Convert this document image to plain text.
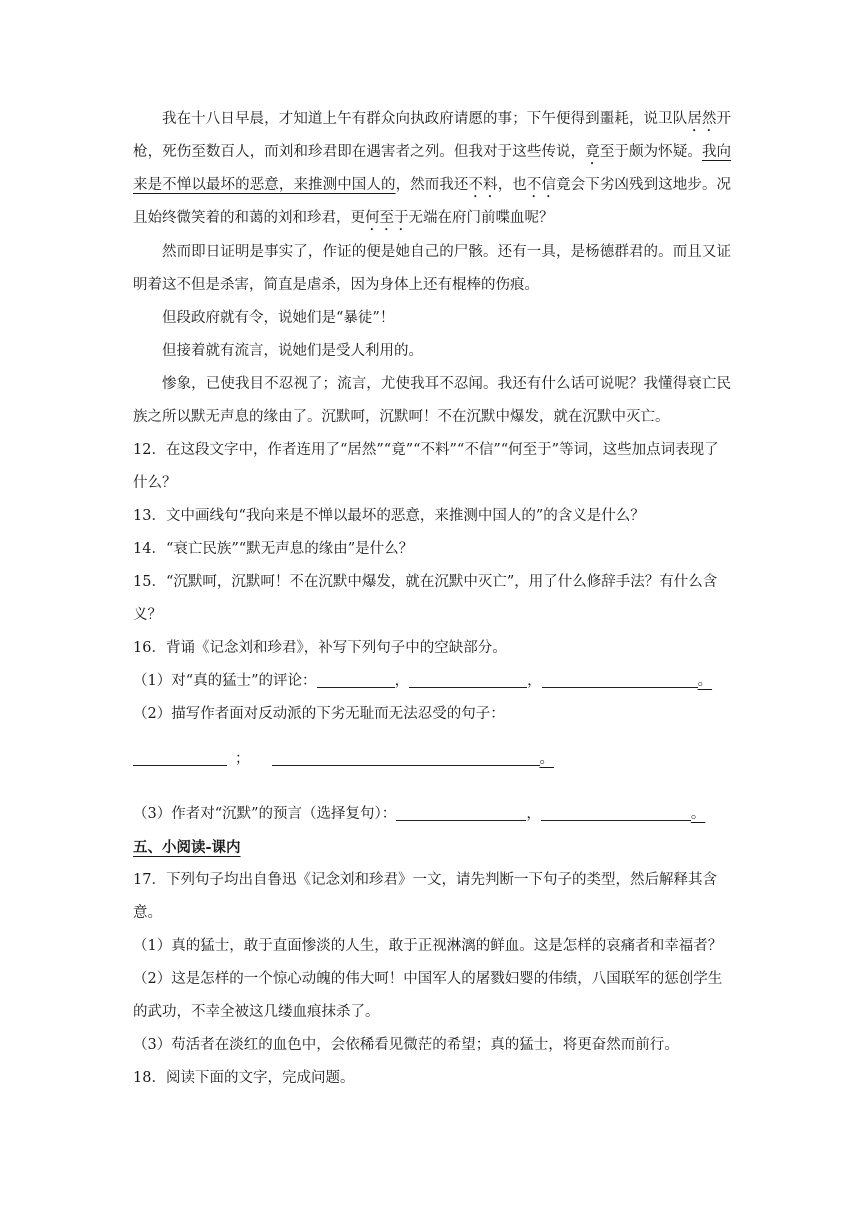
我在十八日早晨，才知道上午有群众向执政府请愿的事；下午便得到噩耗，说卫队居然开枪，死伤至数百人，而刘和珍君即在遇害者之列。但我对于这些传说，竟至于颇为怀疑。我向来是不惮以最坏的恶意，来推测中国人的，然而我还不料，也不信竟会下劣凶残到这地步。况且始终微笑着的和蔼的刘和珍君，更何至于无端在府门前喋血呢？
然而即日证明是事实了，作证的便是她自己的尸骸。还有一具，是杨德群君的。而且又证明着这不但是杀害，简直是虐杀，因为身体上还有棍棒的伤痕。
但段政府就有令，说她们是“暴徒”！
但接着就有流言，说她们是受人利用的。
惨象，已使我目不忍视了；流言，尤使我耳不忍闻。我还有什么话可说呢？我懂得衰亡民族之所以默无声息的缘由了。沉默呵，沉默呵！不在沉默中爆发，就在沉默中灭亡。
12．在这段文字中，作者连用了“居然”“竟”“不料”“不信”“何至于”等词，这些加点词表现了什么？
13．文中画线句“我向来是不惮以最坏的恶意，来推测中国人的”的含义是什么？
14．“衰亡民族”“默无声息的缘由”是什么？
15．“沉默呵，沉默呵！不在沉默中爆发，就在沉默中灭亡”，用了什么修辞手法？有什么含义？
16．背诵《记念刘和珍君》，补写下列句子中的空缺部分。
（1）对“真的猛士”的评论：	，	，	。
（2）描写作者面对反动派的下劣无耻而无法忍受的句子：
；	。
（3）作者对“沉默”的预言（选择复句）：	，	。
五、小阅读-课内
17．下列句子均出自鲁迅《记念刘和珍君》一文，请先判断一下句子的类型，然后解释其含意。
（1）真的猛士，敢于直面惨淡的人生，敢于正视淋漓的鲜血。这是怎样的哀痛者和幸福者？
（2）这是怎样的一个惊心动魄的伟大呵！中国军人的屠戮妇婴的伟绩，八国联军的惩创学生的武功，不幸全被这几缕血痕抹杀了。
（3）苟活者在淡红的血色中，会依稀看见微茫的希望；真的猛士，将更奋然而前行。
18．阅读下面的文字，完成问题。
